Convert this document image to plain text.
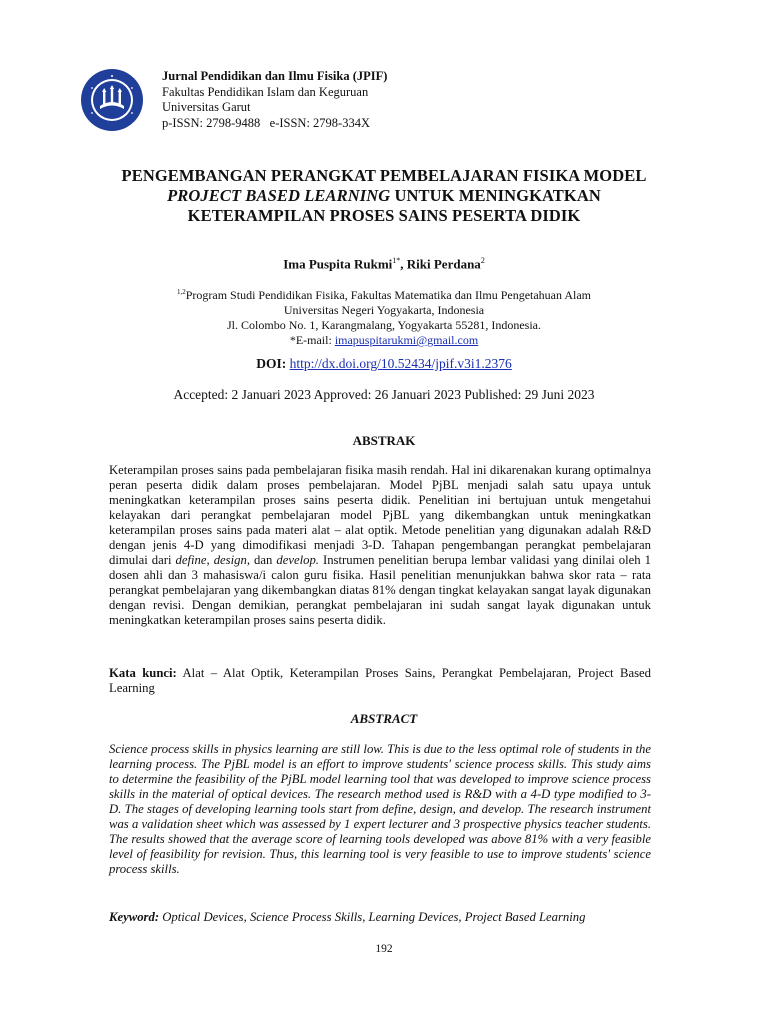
Jurnal Pendidikan dan Ilmu Fisika (JPIF)
Fakultas Pendidikan Islam dan Keguruan
Universitas Garut
p-ISSN: 2798-9488 e-ISSN: 2798-334X
PENGEMBANGAN PERANGKAT PEMBELAJARAN FISIKA MODEL
PROJECT BASED LEARNING UNTUK MENINGKATKAN
KETERAMPILAN PROSES SAINS PESERTA DIDIK
Ima Puspita Rukmi$^{1*}$, Riki Perdana$^2$
$^{1,2}$Program Studi Pendidikan Fisika, Fakultas Matematika dan Ilmu Pengetahuan Alam
Universitas Negeri Yogyakarta, Indonesia
Jl. Colombo No. 1, Karangmalang, Yogyakarta 55281, Indonesia.
*E-mail: imapuspitarukmi@gmail.com
DOI: http://dx.doi.org/10.52434/jpif.v3i1.2376
Accepted: 2 Januari 2023 Approved: 26 Januari 2023 Published: 29 Juni 2023
ABSTRAK

Keterampilan proses sains pada pembelajaran fisika masih rendah. Hal ini dikarenakan kurang optimalnya peran peserta didik dalam proses pembelajaran. Model PjBL menjadi salah satu upaya untuk meningkatkan keterampilan proses sains peserta didik. Penelitian ini bertujuan untuk mengetahui kelayakan dari perangkat pembelajaran model PjBL yang dikembangkan untuk meningkatkan keterampilan proses sains pada materi alat – alat optik. Metode penelitian yang digunakan adalah R&D dengan jenis 4-D yang dimodifikasi menjadi 3-D. Tahapan pengembangan perangkat pembelajaran dimulai dari define, design, dan develop. Instrumen penelitian berupa lembar validasi yang dinilai oleh 1 dosen ahli dan 3 mahasiswa/i calon guru fisika. Hasil penelitian menunjukkan bahwa skor rata – rata perangkat pembelajaran yang dikembangkan diatas 81% dengan tingkat kelayakan sangat layak digunakan dengan revisi. Dengan demikian, perangkat pembelajaran ini sudah sangat layak digunakan untuk meningkatkan keterampilan proses sains peserta didik.

Kata kunci: Alat – Alat Optik, Keterampilan Proses Sains, Perangkat Pembelajaran, Project Based Learning
ABSTRACT

Science process skills in physics learning are still low. This is due to the less optimal role of students in the learning process. The PjBL model is an effort to improve students' science process skills. This study aims to determine the feasibility of the PjBL model learning tool that was developed to improve science process skills in the material of optical devices. The research method used is R&D with a 4-D type modified to 3-D. The stages of developing learning tools start from define, design, and develop. The research instrument was a validation sheet which was assessed by 1 expert lecturer and 3 prospective physics teacher students. The results showed that the average score of learning tools developed was above 81% with a very feasible level of feasibility for revision. Thus, this learning tool is very feasible to use to improve students' science process skills.

Keyword: Optical Devices, Science Process Skills, Learning Devices, Project Based Learning
192
